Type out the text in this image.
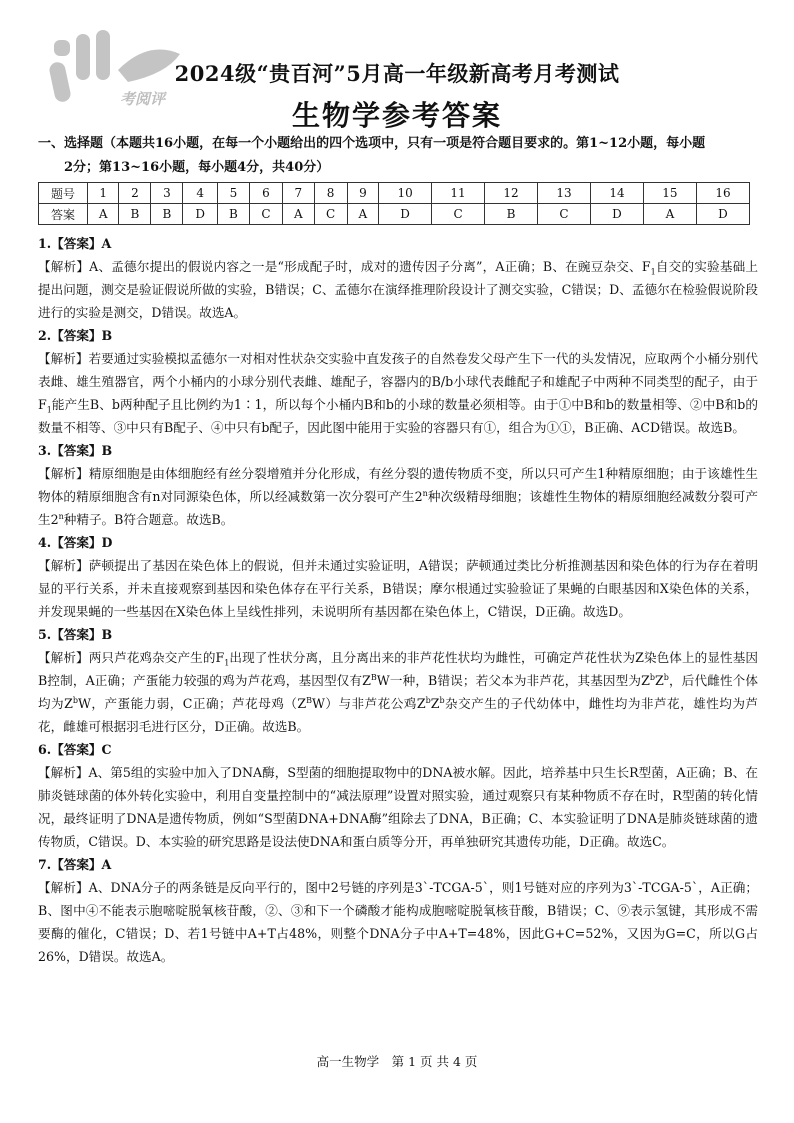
考阅评
2024级“贵百河”5月高一年级新高考月考测试
生物学参考答案
一、选择题（本题共16小题，在每一个小题给出的四个选项中，只有一项是符合题目要求的。第1~12小题，每小题
2分；第13~16小题，每小题4分，共40分）
题号	1	2	3	4	5	6	7	8	9	10	11	12	13	14	15	16
答案	A	B	B	D	B	C	A	C	A	D	C	B	C	D	A	D
1.【答案】A

【解析】A、孟德尔提出的假说内容之一是“形成配子时，成对的遗传因子分离”，A正确；B、在豌豆杂交、$F_1$自交的实验基础上提出问题，测交是验证假说所做的实验，B错误；C、孟德尔在演绎推理阶段设计了测交实验，C错误；D、孟德尔在检验假说阶段进行的实验是测交，D错误。故选A。

2.【答案】B

【解析】若要通过实验模拟孟德尔一对相对性状杂交实验中直发孩子的自然卷发父母产生下一代的头发情况，应取两个小桶分别代表雌、雄生殖器官，两个小桶内的小球分别代表雌、雄配子，容器内的B/b小球代表雌配子和雄配子中两种不同类型的配子，由于$F_1$能产生B、b两种配子且比例约为1∶1，所以每个小桶内B和b的小球的数量必须相等。由于①中B和b的数量相等、②中B和b的数量不相等、③中只有B配子、④中只有b配子，因此图中能用于实验的容器只有①，组合为①①，B正确、ACD错误。故选B。

3.【答案】B

【解析】精原细胞是由体细胞经有丝分裂增殖并分化形成，有丝分裂的遗传物质不变，所以只可产生1种精原细胞；由于该雄性生物体的精原细胞含有n对同源染色体，所以经减数第一次分裂可产生2$^n$种次级精母细胞；该雄性生物体的精原细胞经减数分裂可产生2$^n$种精子。B符合题意。故选B。

4.【答案】D

【解析】萨顿提出了基因在染色体上的假说，但并未通过实验证明，A错误；萨顿通过类比分析推测基因和染色体的行为存在着明显的平行关系，并未直接观察到基因和染色体存在平行关系，B错误；摩尔根通过实验验证了果蝇的白眼基因和X染色体的关系，并发现果蝇的一些基因在X染色体上呈线性排列，未说明所有基因都在染色体上，C错误，D正确。故选D。

5.【答案】B

【解析】两只芦花鸡杂交产生的$F_1$出现了性状分离，且分离出来的非芦花性状均为雌性，可确定芦花性状为Z染色体上的显性基因B控制，A正确；产蛋能力较强的鸡为芦花鸡，基因型仅有$Z^BW$一种，B错误；若父本为非芦花，其基因型为$Z^bZ^b$，后代雌性个体均为$Z^bW$，产蛋能力弱，C正确；芦花母鸡$(Z^BW)$与非芦花公鸡$Z^bZ^b$杂交产生的子代幼体中，雌性均为非芦花，雄性均为芦花，雌雄可根据羽毛进行区分，D正确。故选B。

6.【答案】C

【解析】A、第5组的实验中加入了DNA酶，S型菌的细胞提取物中的DNA被水解。因此，培养基中只生长R型菌，A正确；B、在肺炎链球菌的体外转化实验中，利用自变量控制中的“减法原理”设置对照实验，通过观察只有某种物质不存在时，R型菌的转化情况，最终证明了DNA是遗传物质，例如“S型菌DNA+DNA酶”组除去了DNA，B正确；C、本实验证明了DNA是肺炎链球菌的遗传物质，C错误。D、本实验的研究思路是设法使DNA和蛋白质等分开，再单独研究其遗传功能，D正确。故选C。

7.【答案】A

【解析】A、DNA分子的两条链是反向平行的，图中2号链的序列是3`-TCGA-5`，则1号链对应的序列为3`-TCGA-5`，A正确；B、图中④不能表示胞嘧啶脱氧核苷酸，②、③和下一个磷酸才能构成胞嘧啶脱氧核苷酸，B错误；C、⑨表示氢键，其形成不需要酶的催化，C错误；D、若1号链中A+T占48%，则整个DNA分子中A+T=48%，因此G+C=52%，又因为G=C，所以G占26%，D错误。故选A。

高一生物学　第 1 页 共 4 页
